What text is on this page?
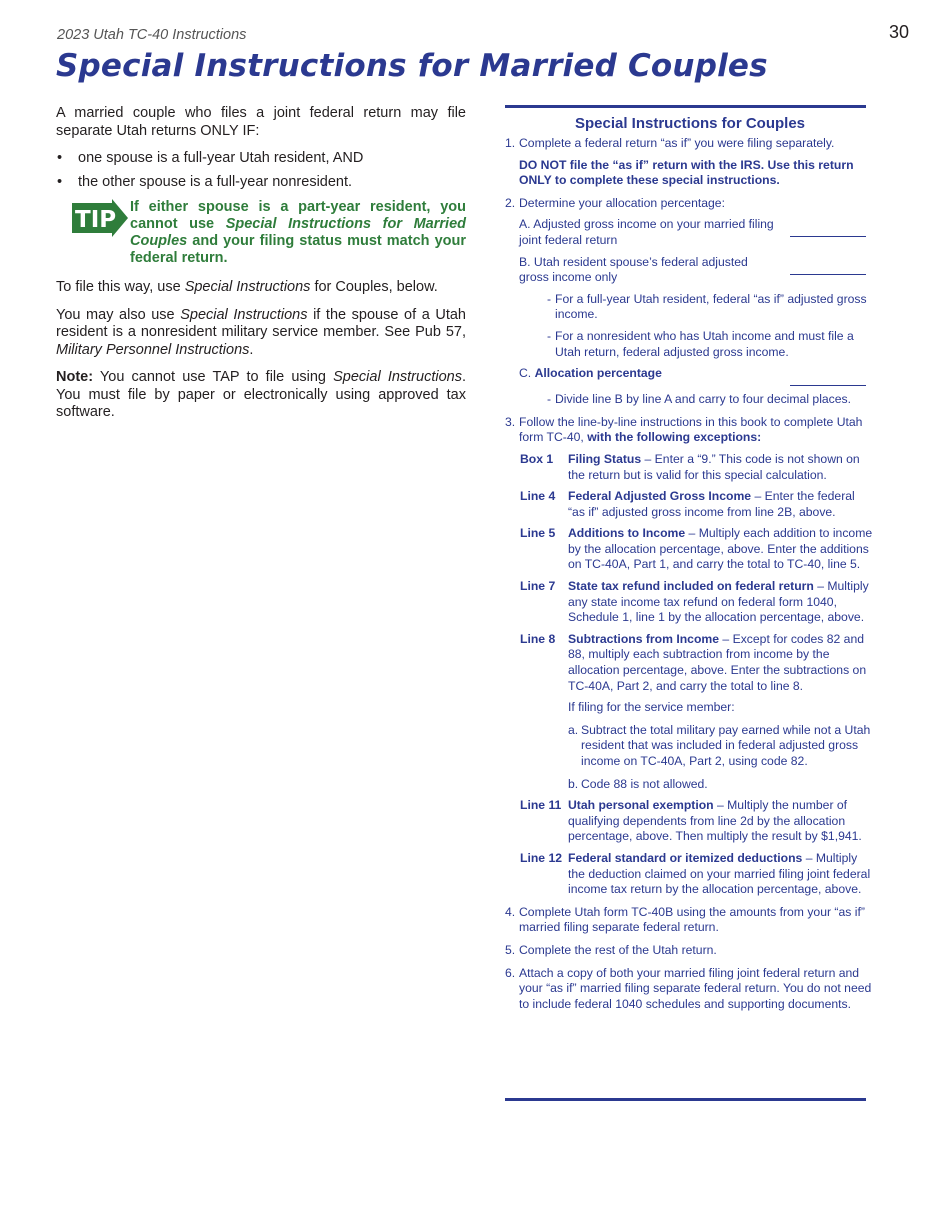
2023 Utah TC-40 Instructions	30
Special Instructions for Married Couples

A married couple who files a joint federal return may file separate Utah returns ONLY IF:

• one spouse is a full-year Utah resident, AND
• the other spouse is a full-year nonresident.
TIP If either spouse is a part-year resident, you cannot use Special Instructions for Married Couples and your filing status must match your federal return.

To file this way, use Special Instructions for Couples, below.

You may also use Special Instructions if the spouse of a Utah resident is a nonresident military service member. See Pub 57, Military Personnel Instructions.

Note: You cannot use TAP to file using Special Instructions. You must file by paper or electronically using approved tax software.

Special Instructions for Couples
1. Complete a federal return “as if” you were filing separately.
DO NOT file the “as if” return with the IRS. Use this return ONLY to complete these special instructions.
2. Determine your allocation percentage:
A. Adjusted gross income on your married filing joint federal return
B. Utah resident spouse’s federal adjusted gross income only
- For a full-year Utah resident, federal “as if” adjusted gross income.
- For a nonresident who has Utah income and must file a Utah return, federal adjusted gross income.
C. Allocation percentage
- Divide line B by line A and carry to four decimal places.
3. Follow the line-by-line instructions in this book to complete Utah form TC-40, with the following exceptions:
Box 1	Filing Status – Enter a “9.” This code is not shown on the return but is valid for this special calculation.
Line 4	Federal Adjusted Gross Income – Enter the federal “as if” adjusted gross income from line 2B, above.
Line 5	Additions to Income – Multiply each addition to income by the allocation percentage, above. Enter the additions on TC-40A, Part 1, and carry the total to TC-40, line 5.
Line 7	State tax refund included on federal return – Multiply any state income tax refund on federal form 1040, Schedule 1, line 1 by the allocation percentage, above.
Line 8	Subtractions from Income – Except for codes 82 and 88, multiply each subtraction from income by the allocation percentage, above. Enter the subtractions on TC-40A, Part 2, and carry the total to line 8.
If filing for the service member:
a. Subtract the total military pay earned while not a Utah resident that was included in federal adjusted gross income on TC-40A, Part 2, using code 82.
b. Code 88 is not allowed.
Line 11 Utah personal exemption – Multiply the number of qualifying dependents from line 2d by the allocation percentage, above. Then multiply the result by $1,941.
Line 12 Federal standard or itemized deductions – Multiply the deduction claimed on your married filing joint federal income tax return by the allocation percentage, above.
4. Complete Utah form TC-40B using the amounts from your “as if” married filing separate federal return.
5. Complete the rest of the Utah return.
6. Attach a copy of both your married filing joint federal return and your “as if” married filing separate federal return. You do not need to include federal 1040 schedules and supporting documents.
